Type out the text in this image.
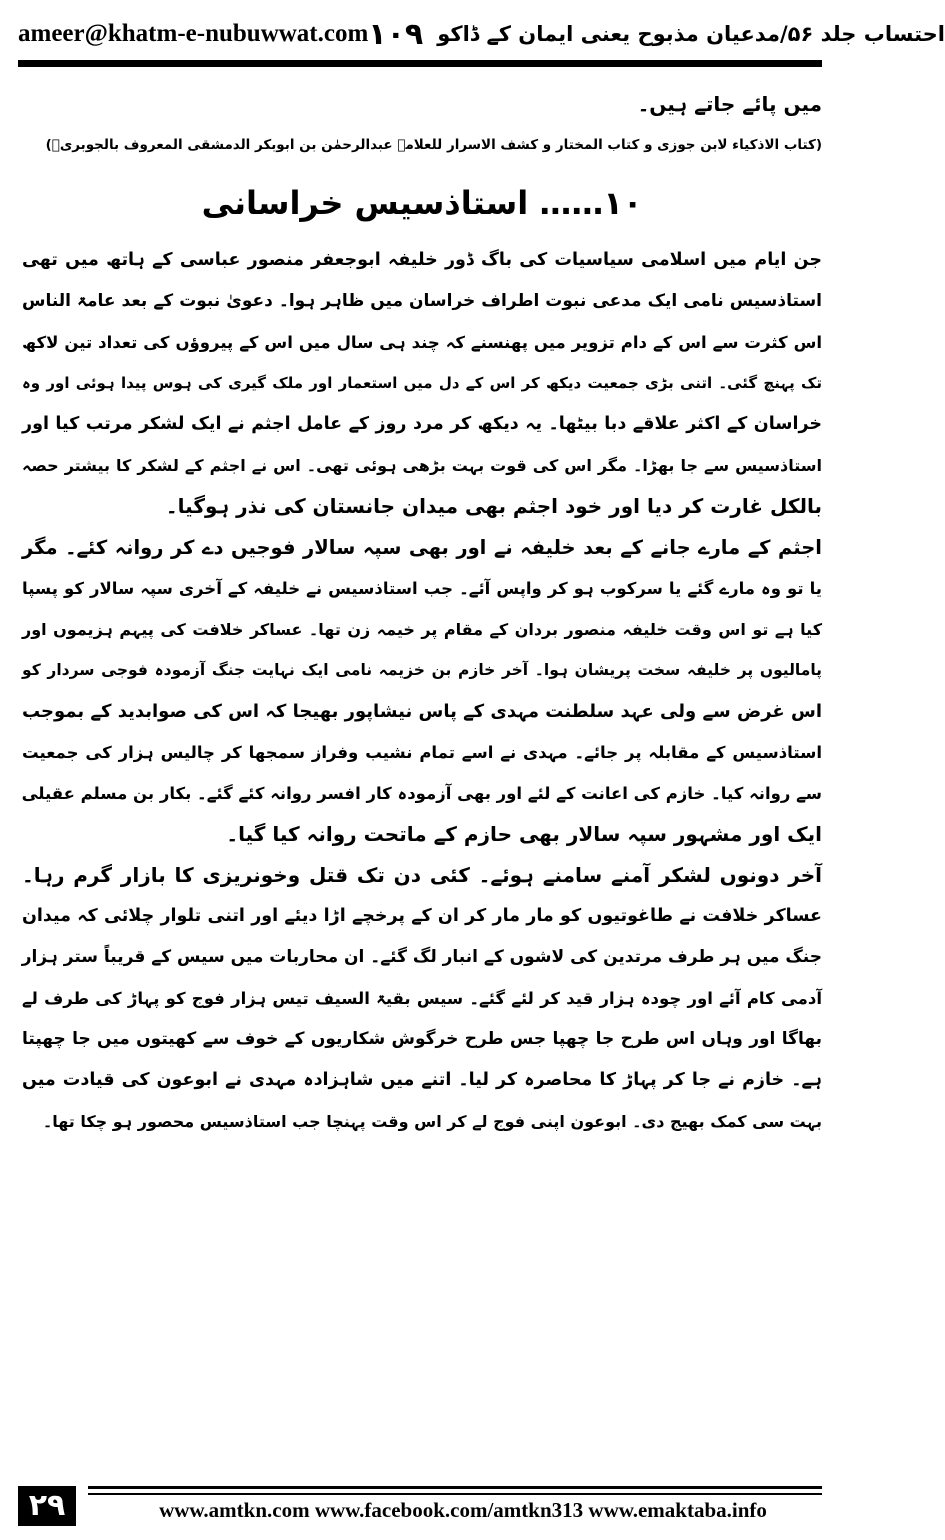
ameer@khatm-e-nubuwwat.com	احتساب جلد ۵۶/مدعیان مذبوح یعنی ایمان کے ڈاکو
۱۰۹
میں پائے جاتے ہیں۔
(کتاب الاذکیاء لابن جوزی و کتاب المختار و کشف الاسرار للعلامہ عبدالرحمٰن بن ابوبکر الدمشقی المعروف بالجوبریؒ)
۱۰…… استاذسیس خراسانی
جن ایام میں اسلامی سیاسیات کی باگ ڈور خلیفہ ابوجعفر منصور عباسی کے ہاتھ میں تھی
استاذسیس نامی ایک مدعی نبوت اطراف خراسان میں ظاہر ہوا۔ دعویٰ نبوت کے بعد عامۃ الناس
اس کثرت سے اس کے دام تزویر میں پھنسنے کہ چند ہی سال میں اس کے پیروؤں کی تعداد تین لاکھ
تک پہنچ گئی۔ اتنی بڑی جمعیت دیکھ کر اس کے دل میں استعمار اور ملک گیری کی ہوس پیدا ہوئی اور وہ
خراسان کے اکثر علاقے دبا بیٹھا۔ یہ دیکھ کر مرد روز کے عامل اجثم نے ایک لشکر مرتب کیا اور
استاذسیس سے جا بھڑا۔ مگر اس کی قوت بہت بڑھی ہوئی تھی۔ اس نے اجثم کے لشکر کا بیشتر حصہ
بالکل غارت کر دیا اور خود اجثم بھی میدان جانستان کی نذر ہوگیا۔
اجثم کے مارے جانے کے بعد خلیفہ نے اور بھی سپہ سالار فوجیں دے کر روانہ کئے۔ مگر
یا تو وہ مارے گئے یا سرکوب ہو کر واپس آئے۔ جب استاذسیس نے خلیفہ کے آخری سپہ سالار کو پسپا
کیا ہے تو اس وقت خلیفہ منصور بردان کے مقام پر خیمہ زن تھا۔ عساکر خلافت کی پیہم ہزیموں اور
پامالیوں پر خلیفہ سخت پریشان ہوا۔ آخر خازم بن خزیمہ نامی ایک نہایت جنگ آزمودہ فوجی سردار کو
اس غرض سے ولی عہد سلطنت مہدی کے پاس نیشاپور بھیجا کہ اس کی صوابدید کے بموجب
استاذسیس کے مقابلہ پر جائے۔ مہدی نے اسے تمام نشیب وفراز سمجھا کر چالیس ہزار کی جمعیت
سے روانہ کیا۔ خازم کی اعانت کے لئے اور بھی آزمودہ کار افسر روانہ کئے گئے۔ بکار بن مسلم عقیلی
ایک اور مشہور سپہ سالار بھی حازم کے ماتحت روانہ کیا گیا۔
آخر دونوں لشکر آمنے سامنے ہوئے۔ کئی دن تک قتل وخونریزی کا بازار گرم رہا۔
عساکر خلافت نے طاغوتیوں کو مار مار کر ان کے پرخچے اڑا دیئے اور اتنی تلوار چلائی کہ میدان
جنگ میں ہر طرف مرتدین کی لاشوں کے انبار لگ گئے۔ ان محاربات میں سیس کے قریباً ستر ہزار
آدمی کام آئے اور چودہ ہزار قید کر لئے گئے۔ سیس بقیۃ السیف تیس ہزار فوج کو پہاڑ کی طرف لے
بھاگا اور وہاں اس طرح جا چھپا جس طرح خرگوش شکاریوں کے خوف سے کھیتوں میں جا چھپتا
ہے۔ خازم نے جا کر پہاڑ کا محاصرہ کر لیا۔ اتنے میں شاہزادہ مہدی نے ابوعون کی قیادت میں
بہت سی کمک بھیج دی۔ ابوعون اپنی فوج لے کر اس وقت پہنچا جب استاذسیس محصور ہو چکا تھا۔
۲۹	www.amtkn.com www.facebook.com/amtkn313 www.emaktaba.info
